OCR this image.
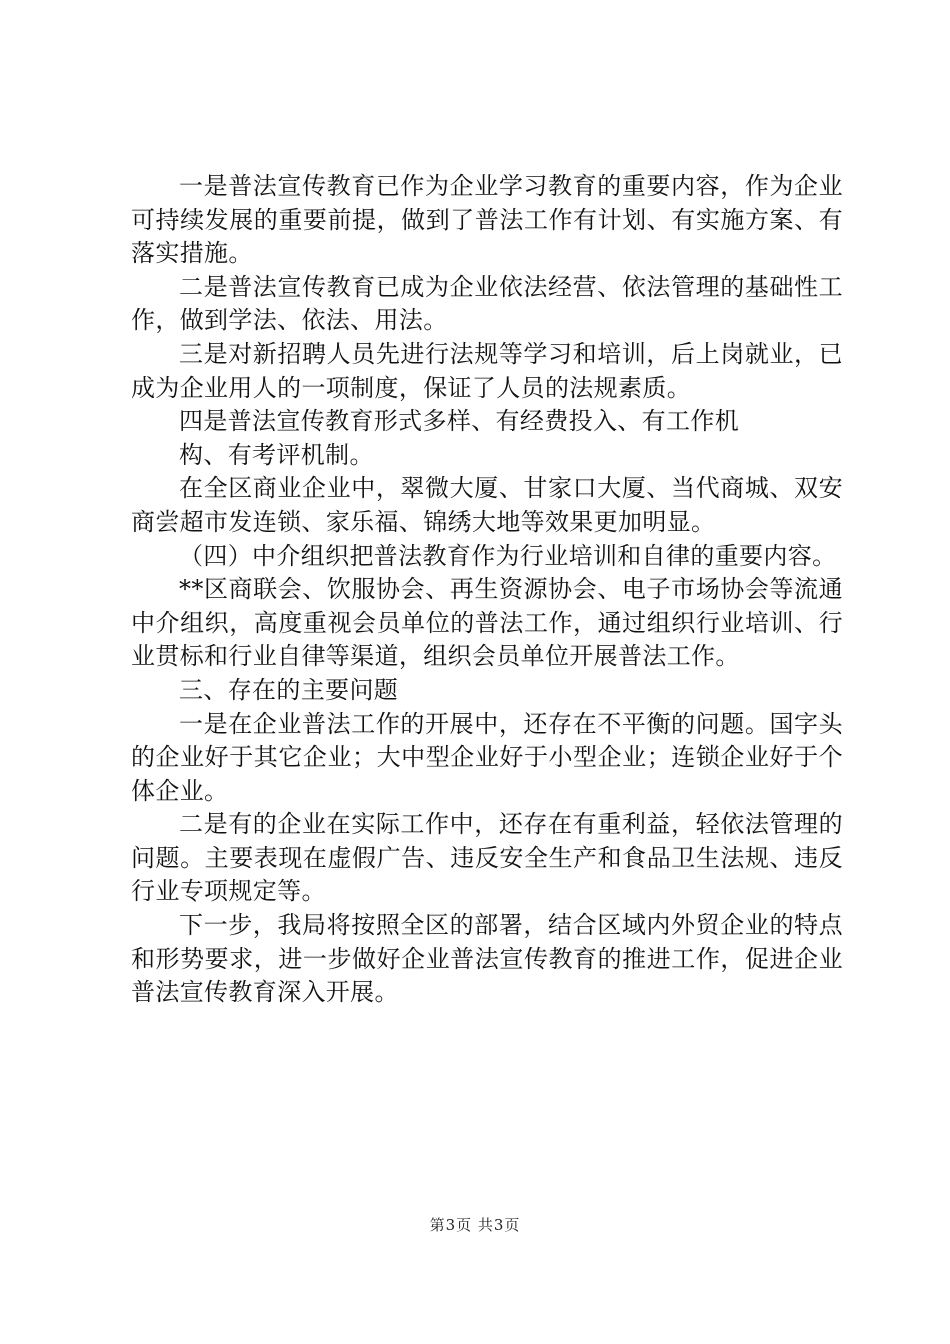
一是普法宣传教育已作为企业学习教育的重要内容，作为企业可持续发展的重要前提，做到了普法工作有计划、有实施方案、有落实措施。

二是普法宣传教育已成为企业依法经营、依法管理的基础性工作，做到学法、依法、用法。

三是对新招聘人员先进行法规等学习和培训，后上岗就业，已成为企业用人的一项制度，保证了人员的法规素质。

四是普法宣传教育形式多样、有经费投入、有工作机

构、有考评机制。

在全区商业企业中，翠微大厦、甘家口大厦、当代商城、双安商尝超市发连锁、家乐福、锦绣大地等效果更加明显。

（四）中介组织把普法教育作为行业培训和自律的重要内容。

**区商联会、饮服协会、再生资源协会、电子市场协会等流通中介组织，高度重视会员单位的普法工作，通过组织行业培训、行业贯标和行业自律等渠道，组织会员单位开展普法工作。

三、存在的主要问题

一是在企业普法工作的开展中，还存在不平衡的问题。国字头的企业好于其它企业；大中型企业好于小型企业；连锁企业好于个体企业。

二是有的企业在实际工作中，还存在有重利益，轻依法管理的问题。主要表现在虚假广告、违反安全生产和食品卫生法规、违反行业专项规定等。

下一步，我局将按照全区的部署，结合区域内外贸企业的特点和形势要求，进一步做好企业普法宣传教育的推进工作，促进企业普法宣传教育深入开展。

第3页 共3页
